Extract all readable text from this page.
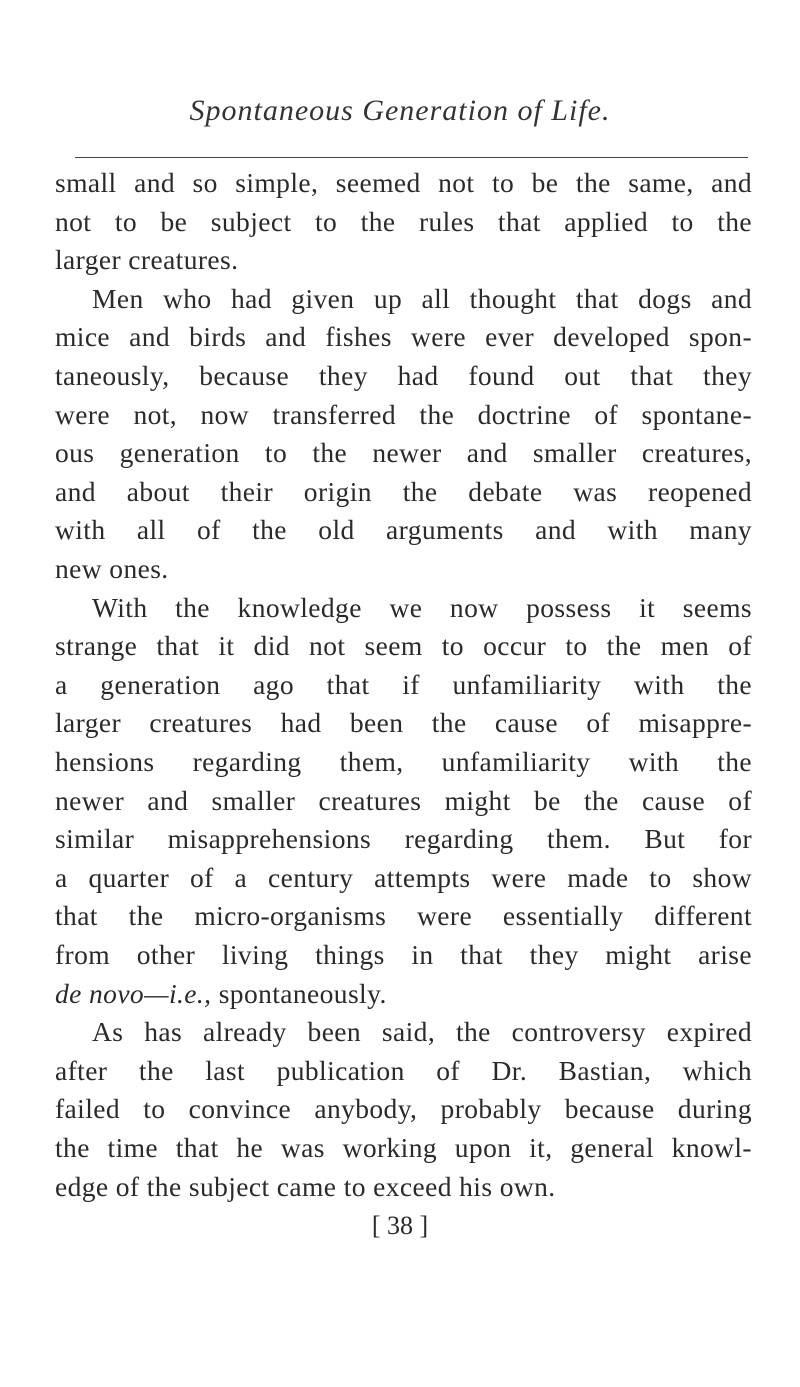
Spontaneous Generation of Life.
small and so simple, seemed not to be the same, and
not to be subject to the rules that applied to the
larger creatures.
Men who had given up all thought that dogs and
mice and birds and fishes were ever developed spon-
taneously, because they had found out that they
were not, now transferred the doctrine of spontane-
ous generation to the newer and smaller creatures,
and about their origin the debate was reopened
with all of the old arguments and with many
new ones.
With the knowledge we now possess it seems
strange that it did not seem to occur to the men of
a generation ago that if unfamiliarity with the
larger creatures had been the cause of misappre-
hensions regarding them, unfamiliarity with the
newer and smaller creatures might be the cause of
similar misapprehensions regarding them. But for
a quarter of a century attempts were made to show
that the micro-organisms were essentially different
from other living things in that they might arise
de novo—i.e., spontaneously.
As has already been said, the controversy expired
after the last publication of Dr. Bastian, which
failed to convince anybody, probably because during
the time that he was working upon it, general knowl-
edge of the subject came to exceed his own.
[ 38 ]
